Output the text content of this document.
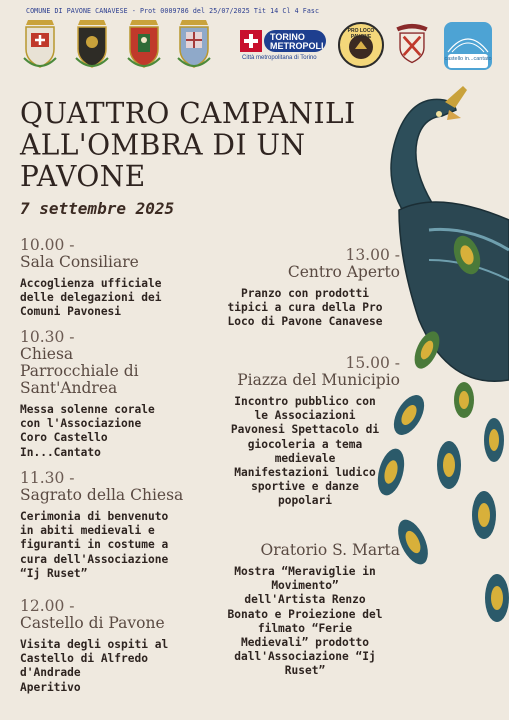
COMUNE DI PAVONE CANAVESE - Prot 0009786 del 25/07/2025 Tit 14 Cl 4 Fasc
TORINO METROPOLI
Città metropolitana di Torino
PRO LOCO PAVONE
castello in...cantato
QUATTRO CAMPANILI
ALL'OMBRA DI UN
PAVONE
7 settembre 2025
10.00 -
Sala Consiliare
Accoglienza ufficiale
delle delegazioni dei
Comuni Pavonesi
10.30 -
Chiesa Parrocchiale di Sant'Andrea
Messa solenne corale
con l'Associazione
Coro Castello
In...Cantato
11.30 -
Sagrato della Chiesa
Cerimonia di benvenuto
in abiti medievali e
figuranti in costume a
cura dell'Associazione
“Ij Ruset”
12.00 -
Castello di Pavone
Visita degli ospiti al
Castello di Alfredo
d'Andrade
Aperitivo
13.00 -
Centro Aperto
Pranzo con prodotti
tipici a cura della Pro
Loco di Pavone Canavese
15.00 -
Piazza del Municipio
Incontro pubblico con
le Associazioni
Pavonesi Spettacolo di
giocoleria a tema
medievale
Manifestazioni ludico
sportive e danze
popolari
Oratorio S. Marta
Mostra “Meraviglie in
Movimento”
dell'Artista Renzo
Bonato e Proiezione del
filmato “Ferie
Medievali” prodotto
dall'Associazione “Ij
Ruset”
